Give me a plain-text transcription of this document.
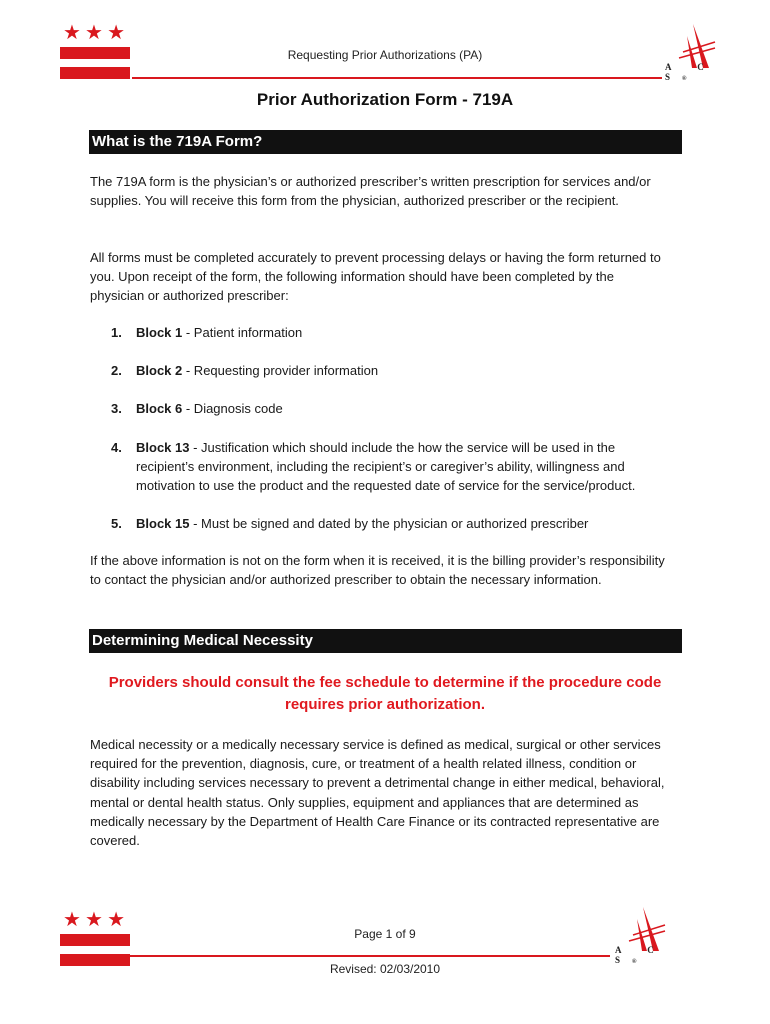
★ ★ ★
Requesting Prior Authorizations (PA)
A C S®
Prior Authorization Form - 719A
What is the 719A Form?
The 719A form is the physician’s or authorized prescriber’s written prescription for services and/or supplies. You will receive this form from the physician, authorized prescriber or the recipient.
All forms must be completed accurately to prevent processing delays or having the form returned to you. Upon receipt of the form, the following information should have been completed by the physician or authorized prescriber:
1. Block 1 - Patient information
2. Block 2 - Requesting provider information
3. Block 6 - Diagnosis code
4. Block 13 - Justification which should include the how the service will be used in the recipient’s environment, including the recipient’s or caregiver’s ability, willingness and motivation to use the product and the requested date of service for the service/product.
5. Block 15 - Must be signed and dated by the physician or authorized prescriber
If the above information is not on the form when it is received, it is the billing provider’s responsibility to contact the physician and/or authorized prescriber to obtain the necessary information.
Determining Medical Necessity
Providers should consult the fee schedule to determine if the procedure code requires prior authorization.
Medical necessity or a medically necessary service is defined as medical, surgical or other services required for the prevention, diagnosis, cure, or treatment of a health related illness, condition or disability including services necessary to prevent a detrimental change in either medical, behavioral, mental or dental health status. Only supplies, equipment and appliances that are determined as medically necessary by the Department of Health Care Finance or its contracted representative are covered.
★ ★ ★
Page 1 of 9
A C S®
Revised: 02/03/2010
